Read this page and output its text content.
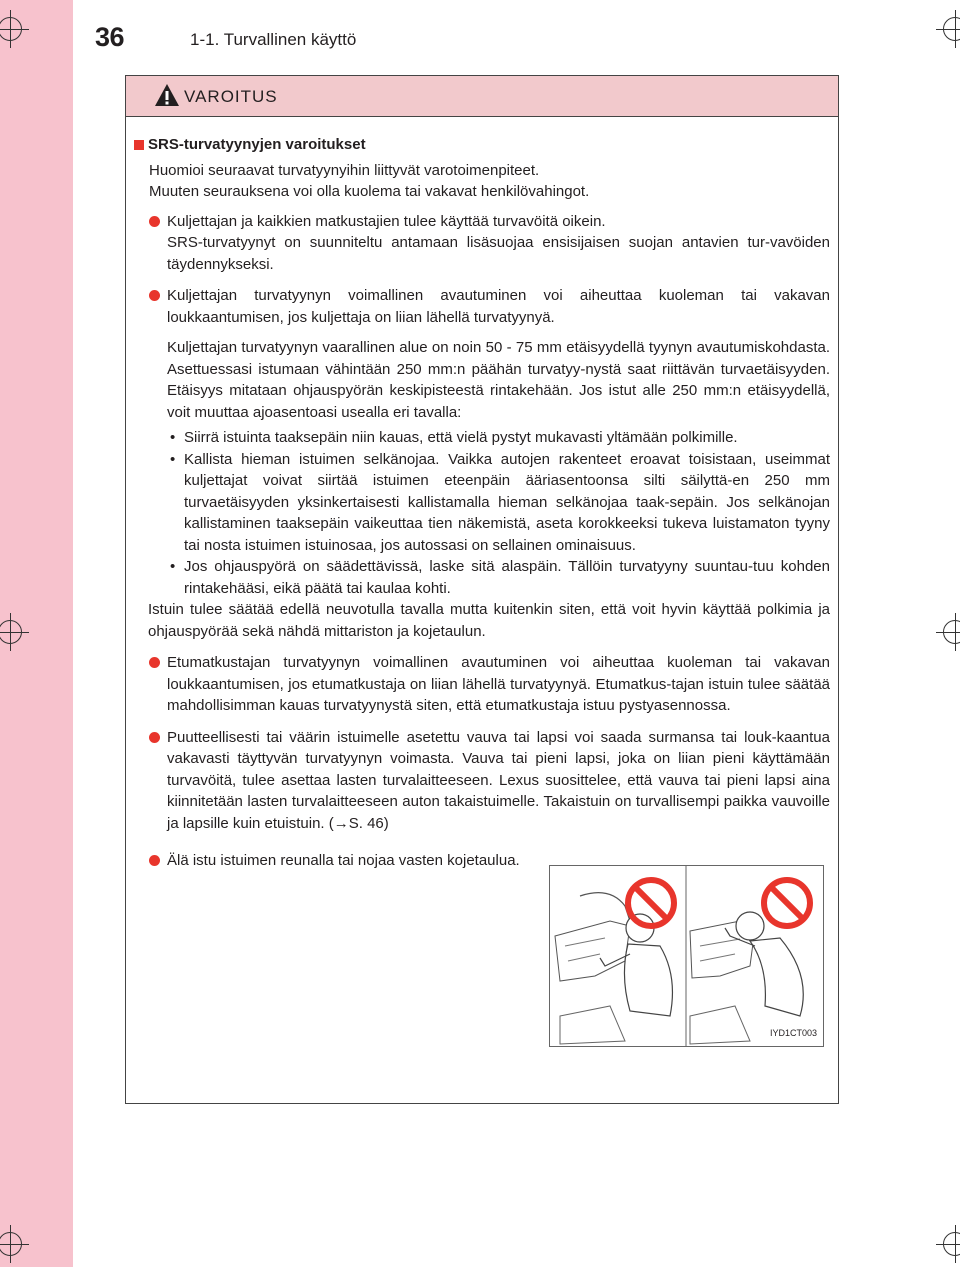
36	1-1. Turvallinen käyttö
VAROITUS
SRS-turvatyynyjen varoitukset
Huomioi seuraavat turvatyynyihin liittyvät varotoimenpiteet.
Muuten seurauksena voi olla kuolema tai vakavat henkilövahingot.
Kuljettajan ja kaikkien matkustajien tulee käyttää turvavöitä oikein.
SRS-turvatyynyt on suunniteltu antamaan lisäsuojaa ensisijaisen suojan antavien tur-vavöiden täydennykseksi.
Kuljettajan turvatyynyn voimallinen avautuminen voi aiheuttaa kuoleman tai vakavan loukkaantumisen, jos kuljettaja on liian lähellä turvatyynyä.
Kuljettajan turvatyynyn vaarallinen alue on noin 50 - 75 mm etäisyydellä tyynyn avautumiskohdasta. Asettuessasi istumaan vähintään 250 mm:n päähän turvatyy-nystä saat riittävän turvaetäisyyden. Etäisyys mitataan ohjauspyörän keskipisteestä rintakehään. Jos istut alle 250 mm:n etäisyydellä, voit muuttaa ajoasentoasi usealla eri tavalla:
• Siirrä istuinta taaksepäin niin kauas, että vielä pystyt mukavasti yltämään polkimille.
• Kallista hieman istuimen selkänojaa. Vaikka autojen rakenteet eroavat toisistaan, useimmat kuljettajat voivat siirtää istuimen eteenpäin ääriasentoonsa silti säilyttä-en 250 mm turvaetäisyyden yksinkertaisesti kallistamalla hieman selkänojaa taak-sepäin. Jos selkänojan kallistaminen taaksepäin vaikeuttaa tien näkemistä, aseta korokkeeksi tukeva luistamaton tyyny tai nosta istuimen istuinosaa, jos autossasi on sellainen ominaisuus.
• Jos ohjauspyörä on säädettävissä, laske sitä alaspäin. Tällöin turvatyyny suuntau-tuu kohden rintakehääsi, eikä päätä tai kaulaa kohti.
Istuin tulee säätää edellä neuvotulla tavalla mutta kuitenkin siten, että voit hyvin käyttää polkimia ja ohjauspyörää sekä nähdä mittariston ja kojetaulun.
Etumatkustajan turvatyynyn voimallinen avautuminen voi aiheuttaa kuoleman tai vakavan loukkaantumisen, jos etumatkustaja on liian lähellä turvatyynyä. Etumatkus-tajan istuin tulee säätää mahdollisimman kauas turvatyynystä siten, että etumatkustaja istuu pystyasennossa.
Puutteellisesti tai väärin istuimelle asetettu vauva tai lapsi voi saada surmansa tai louk-kaantua vakavasti täyttyvän turvatyynyn voimasta. Vauva tai pieni lapsi, joka on liian pieni käyttämään turvavöitä, tulee asettaa lasten turvalaitteeseen. Lexus suosittelee, että vauva tai pieni lapsi aina kiinnitetään lasten turvalaitteeseen auton takaistuimelle. Takaistuin on turvallisempi paikka vauvoille ja lapsille kuin etuistuin. (→S. 46)
Älä istu istuimen reunalla tai nojaa vasten kojetaulua.
IYD1CT003
